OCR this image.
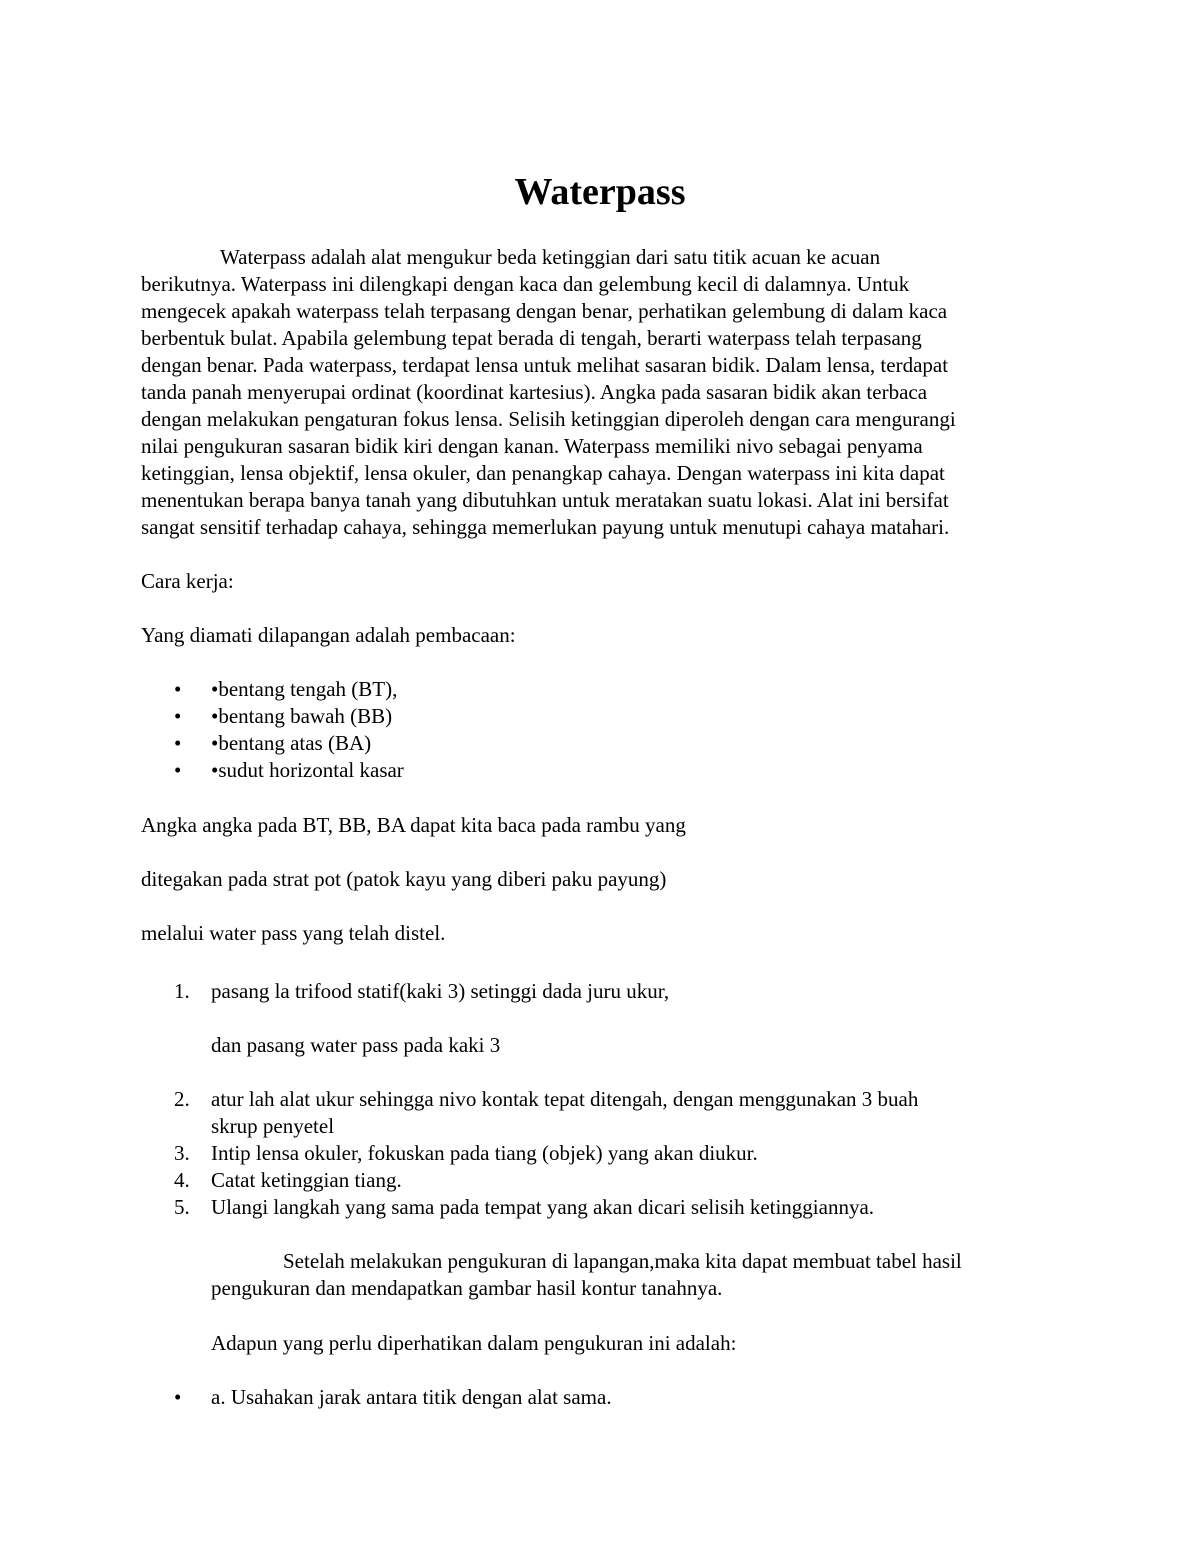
Waterpass
Waterpass adalah alat mengukur beda ketinggian dari satu titik acuan ke acuan
berikutnya. Waterpass ini dilengkapi dengan kaca dan gelembung kecil di dalamnya. Untuk
mengecek apakah waterpass telah terpasang dengan benar, perhatikan gelembung di dalam kaca
berbentuk bulat. Apabila gelembung tepat berada di tengah, berarti waterpass telah terpasang
dengan benar. Pada waterpass, terdapat lensa untuk melihat sasaran bidik. Dalam lensa, terdapat
tanda panah menyerupai ordinat (koordinat kartesius). Angka pada sasaran bidik akan terbaca
dengan melakukan pengaturan fokus lensa. Selisih ketinggian diperoleh dengan cara mengurangi
nilai pengukuran sasaran bidik kiri dengan kanan. Waterpass memiliki nivo sebagai penyama
ketinggian, lensa objektif, lensa okuler, dan penangkap cahaya. Dengan waterpass ini kita dapat
menentukan berapa banya tanah yang dibutuhkan untuk meratakan suatu lokasi. Alat ini bersifat
sangat sensitif terhadap cahaya, sehingga memerlukan payung untuk menutupi cahaya matahari.

Cara kerja:

Yang diamati dilapangan adalah pembacaan:

• •bentang tengah (BT),
• •bentang bawah (BB)
• •bentang atas (BA)
• •sudut horizontal kasar

Angka angka pada BT, BB, BA dapat kita baca pada rambu yang

ditegakan pada strat pot (patok kayu yang diberi paku payung)

melalui water pass yang telah distel.

1. pasang la trifood statif(kaki 3) setinggi dada juru ukur,
dan pasang water pass pada kaki 3
2. atur lah alat ukur sehingga nivo kontak tepat ditengah, dengan menggunakan 3 buah
skrup penyetel
3. Intip lensa okuler, fokuskan pada tiang (objek) yang akan diukur.
4. Catat ketinggian tiang.
5. Ulangi langkah yang sama pada tempat yang akan dicari selisih ketinggiannya.
Setelah melakukan pengukuran di lapangan,maka kita dapat membuat tabel hasil
pengukuran dan mendapatkan gambar hasil kontur tanahnya.

Adapun yang perlu diperhatikan dalam pengukuran ini adalah:

• a. Usahakan jarak antara titik dengan alat sama.
